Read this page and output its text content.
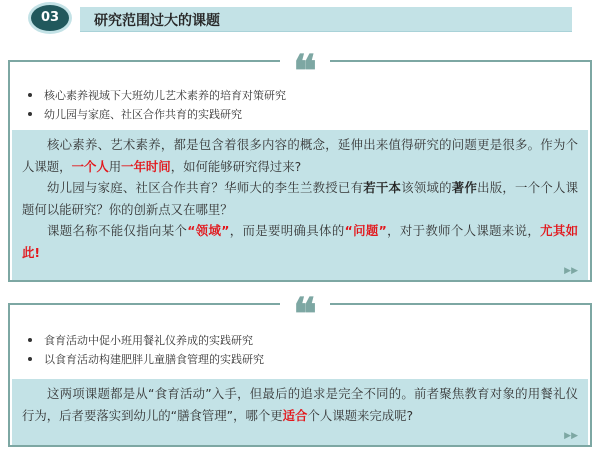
研究范围过大的课题
03
❝
核心素养视域下大班幼儿艺术素养的培育对策研究
幼儿园与家庭、社区合作共育的实践研究

核心素养、艺术素养，都是包含着很多内容的概念，延伸出来值得研究的问题更是很多。作为个人课题，一个人用一年时间，如何能够研究得过来?

幼儿园与家庭、社区合作共育？华师大的李生兰教授已有若干本该领域的著作出版，一个个人课题何以能研究？你的创新点又在哪里？

课题名称不能仅指向某个“领域”，而是要明确具体的“问题”，对于教师个人课题来说，尤其如此!

▶▶
❝
食育活动中促小班用餐礼仪养成的实践研究
以食育活动构建肥胖儿童膳食管理的实践研究

这两项课题都是从“食育活动”入手，但最后的追求是完全不同的。前者聚焦教育对象的用餐礼仪行为，后者要落实到幼儿的“膳食管理”，哪个更适合个人课题来完成呢?

▶▶
